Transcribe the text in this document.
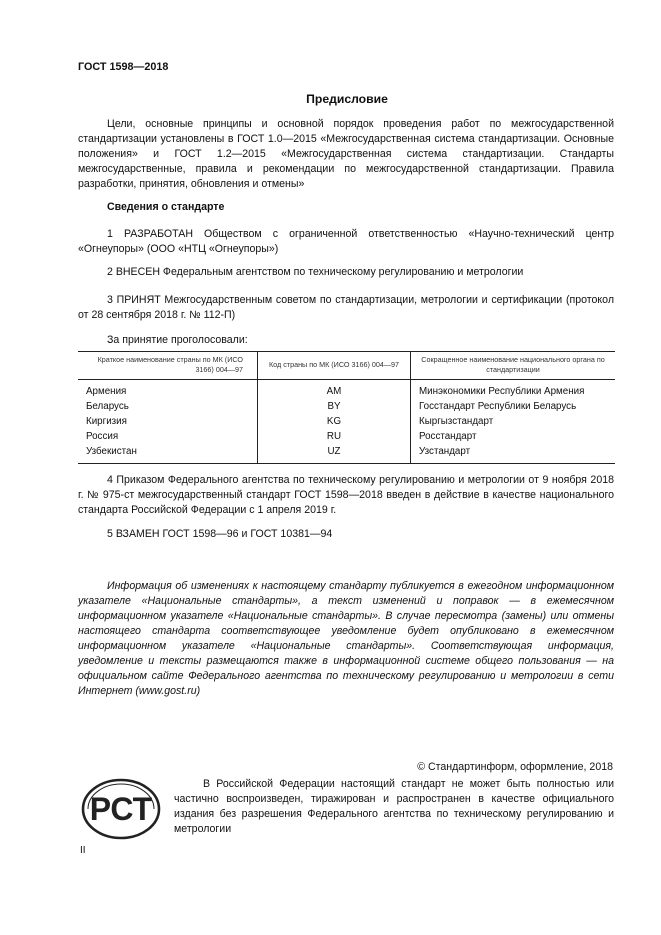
ГОСТ 1598—2018
Предисловие

Цели, основные принципы и основной порядок проведения работ по межгосударственной стандартизации установлены в ГОСТ 1.0—2015 «Межгосударственная система стандартизации. Основные положения» и ГОСТ 1.2—2015 «Межгосударственная система стандартизации. Стандарты межгосударственные, правила и рекомендации по межгосударственной стандартизации. Правила разработки, принятия, обновления и отмены»

Сведения о стандарте

1 РАЗРАБОТАН Обществом с ограниченной ответственностью «Научно-технический центр «Огнеупоры» (ООО «НТЦ «Огнеупоры»)

2 ВНЕСЕН Федеральным агентством по техническому регулированию и метрологии

3 ПРИНЯТ Межгосударственным советом по стандартизации, метрологии и сертификации (протокол от 28 сентября 2018 г. № 112-П)

За принятие проголосовали:

Краткое наименование страны по МК (ИСО 3166) 004—97	Код страны по МК (ИСО 3166) 004—97	Сокращенное наименование национального органа по стандартизации
Армения	AM	Минэкономики Республики Армения
Беларусь	BY	Госстандарт Республики Беларусь
Киргизия	KG	Кыргызстандарт
Россия	RU	Росстандарт
Узбекистан	UZ	Узстандарт

4 Приказом Федерального агентства по техническому регулированию и метрологии от 9 ноября 2018 г. № 975-ст межгосударственный стандарт ГОСТ 1598—2018 введен в действие в качестве национального стандарта Российской Федерации с 1 апреля 2019 г.

5 ВЗАМЕН ГОСТ 1598—96 и ГОСТ 10381—94

Информация об изменениях к настоящему стандарту публикуется в ежегодном информационном указателе «Национальные стандарты», а текст изменений и поправок — в ежемесячном информационном указателе «Национальные стандарты». В случае пересмотра (замены) или отмены настоящего стандарта соответствующее уведомление будет опубликовано в ежемесячном информационном указателе «Национальные стандарты». Соответствующая информация, уведомление и тексты размещаются также в информационной системе общего пользования — на официальном сайте Федерального агентства по техническому регулированию и метрологии в сети Интернет (www.gost.ru)

© Стандартинформ, оформление, 2018
РСТ

В Российской Федерации настоящий стандарт не может быть полностью или частично воспроизведен, тиражирован и распространен в качестве официального издания без разрешения Федерального агентства по техническому регулированию и метрологии

II
